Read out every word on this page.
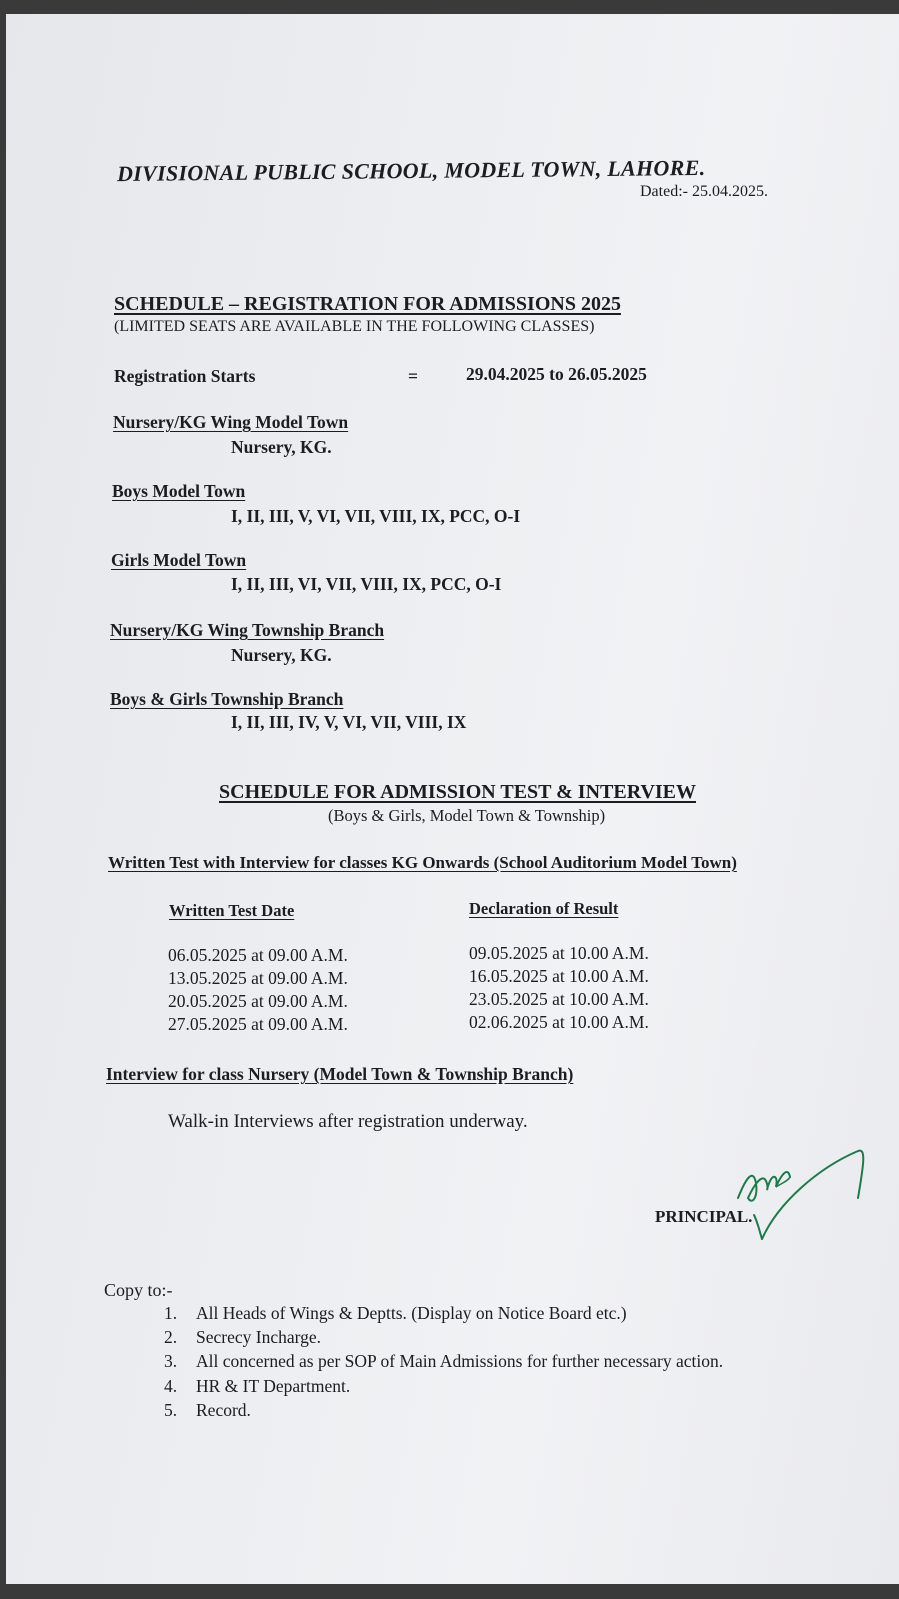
DIVISIONAL PUBLIC SCHOOL, MODEL TOWN, LAHORE.
Dated:- 25.04.2025.
SCHEDULE – REGISTRATION FOR ADMISSIONS 2025
(LIMITED SEATS ARE AVAILABLE IN THE FOLLOWING CLASSES)
Registration Starts	=	29.04.2025 to 26.05.2025
Nursery/KG Wing Model Town
Nursery, KG.
Boys Model Town
I, II, III, V, VI, VII, VIII, IX, PCC, O-I
Girls Model Town
I, II, III, VI, VII, VIII, IX, PCC, O-I
Nursery/KG Wing Township Branch
Nursery, KG.
Boys & Girls Township Branch
I, II, III, IV, V, VI, VII, VIII, IX
SCHEDULE FOR ADMISSION TEST & INTERVIEW
(Boys & Girls, Model Town & Township)
Written Test with Interview for classes KG Onwards (School Auditorium Model Town)
Written Test Date	Declaration of Result
06.05.2025 at 09.00 A.M.	09.05.2025 at 10.00 A.M.
13.05.2025 at 09.00 A.M.	16.05.2025 at 10.00 A.M.
20.05.2025 at 09.00 A.M.	23.05.2025 at 10.00 A.M.
27.05.2025 at 09.00 A.M.	02.06.2025 at 10.00 A.M.
Interview for class Nursery (Model Town & Township Branch)
Walk-in Interviews after registration underway.
PRINCIPAL.
Copy to:-
1. All Heads of Wings & Deptts. (Display on Notice Board etc.)
2. Secrecy Incharge.
3. All concerned as per SOP of Main Admissions for further necessary action.
4. HR & IT Department.
5. Record.
